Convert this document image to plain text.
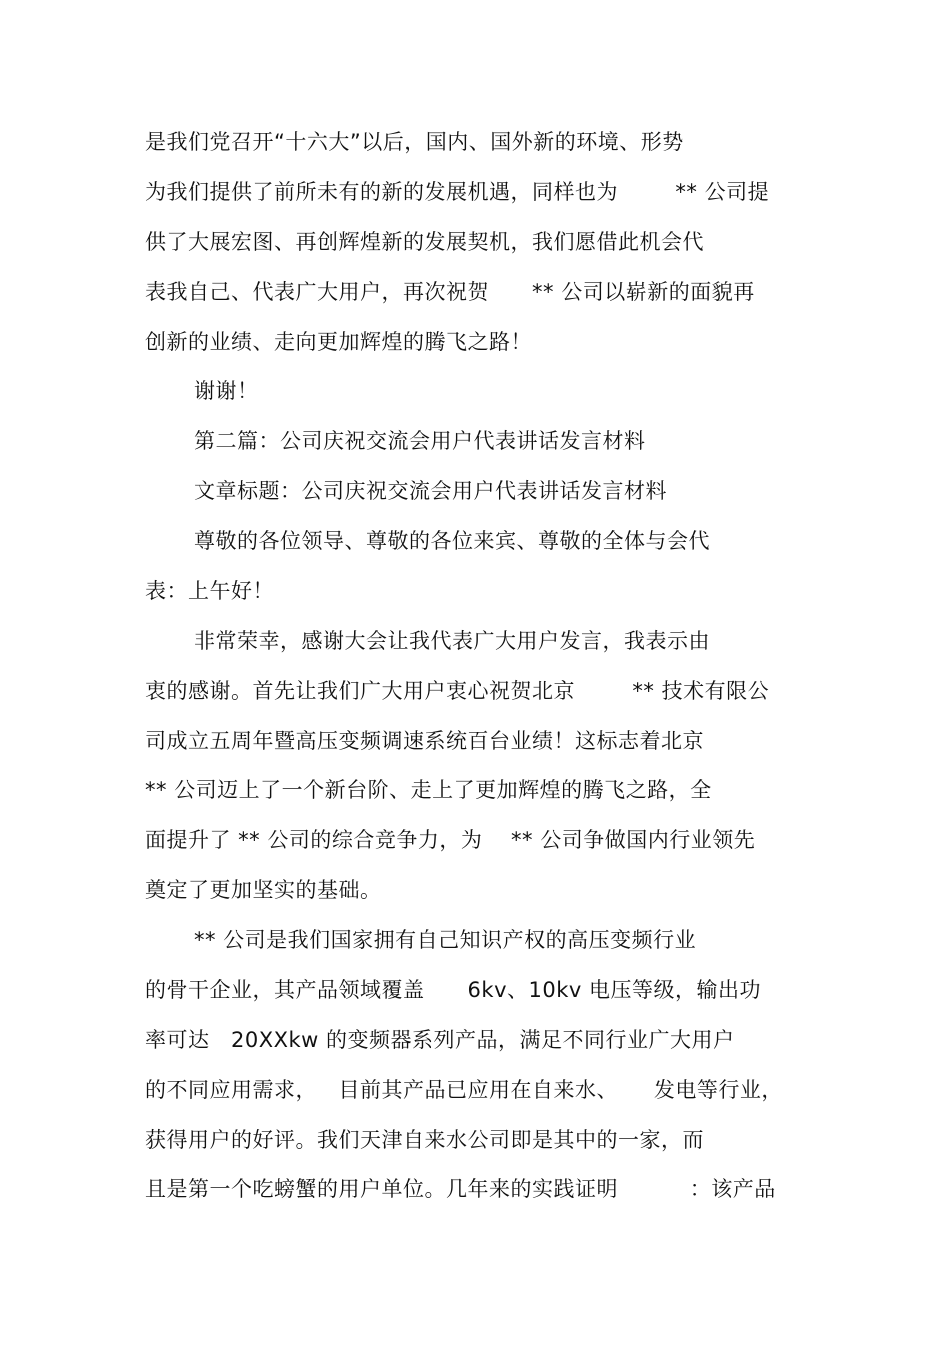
是我们党召开“十六大”以后，国内、国外新的环境、形势
为我们提供了前所未有的新的发展机遇，同样也为        ** 公司提
供了大展宏图、再创辉煌新的发展契机，我们愿借此机会代
表我自己、代表广大用户，再次祝贺      ** 公司以崭新的面貌再
创新的业绩、走向更加辉煌的腾飞之路！
谢谢！
第二篇：公司庆祝交流会用户代表讲话发言材料
文章标题：公司庆祝交流会用户代表讲话发言材料
尊敬的各位领导、尊敬的各位来宾、尊敬的全体与会代
表：上午好！
非常荣幸，感谢大会让我代表广大用户发言，我表示由
衷的感谢。首先让我们广大用户衷心祝贺北京        ** 技术有限公
司成立五周年暨高压变频调速系统百台业绩！这标志着北京
** 公司迈上了一个新台阶、走上了更加辉煌的腾飞之路，全
面提升了 ** 公司的综合竞争力，为    ** 公司争做国内行业领先
奠定了更加坚实的基础。
** 公司是我们国家拥有自己知识产权的高压变频行业
的骨干企业，其产品领域覆盖      6kv、10kv 电压等级，输出功
率可达   20XXkw 的变频器系列产品，满足不同行业广大用户
的不同应用需求，   目前其产品已应用在自来水、     发电等行业，
获得用户的好评。我们天津自来水公司即是其中的一家，而
且是第一个吃螃蟹的用户单位。几年来的实践证明          ：该产品
